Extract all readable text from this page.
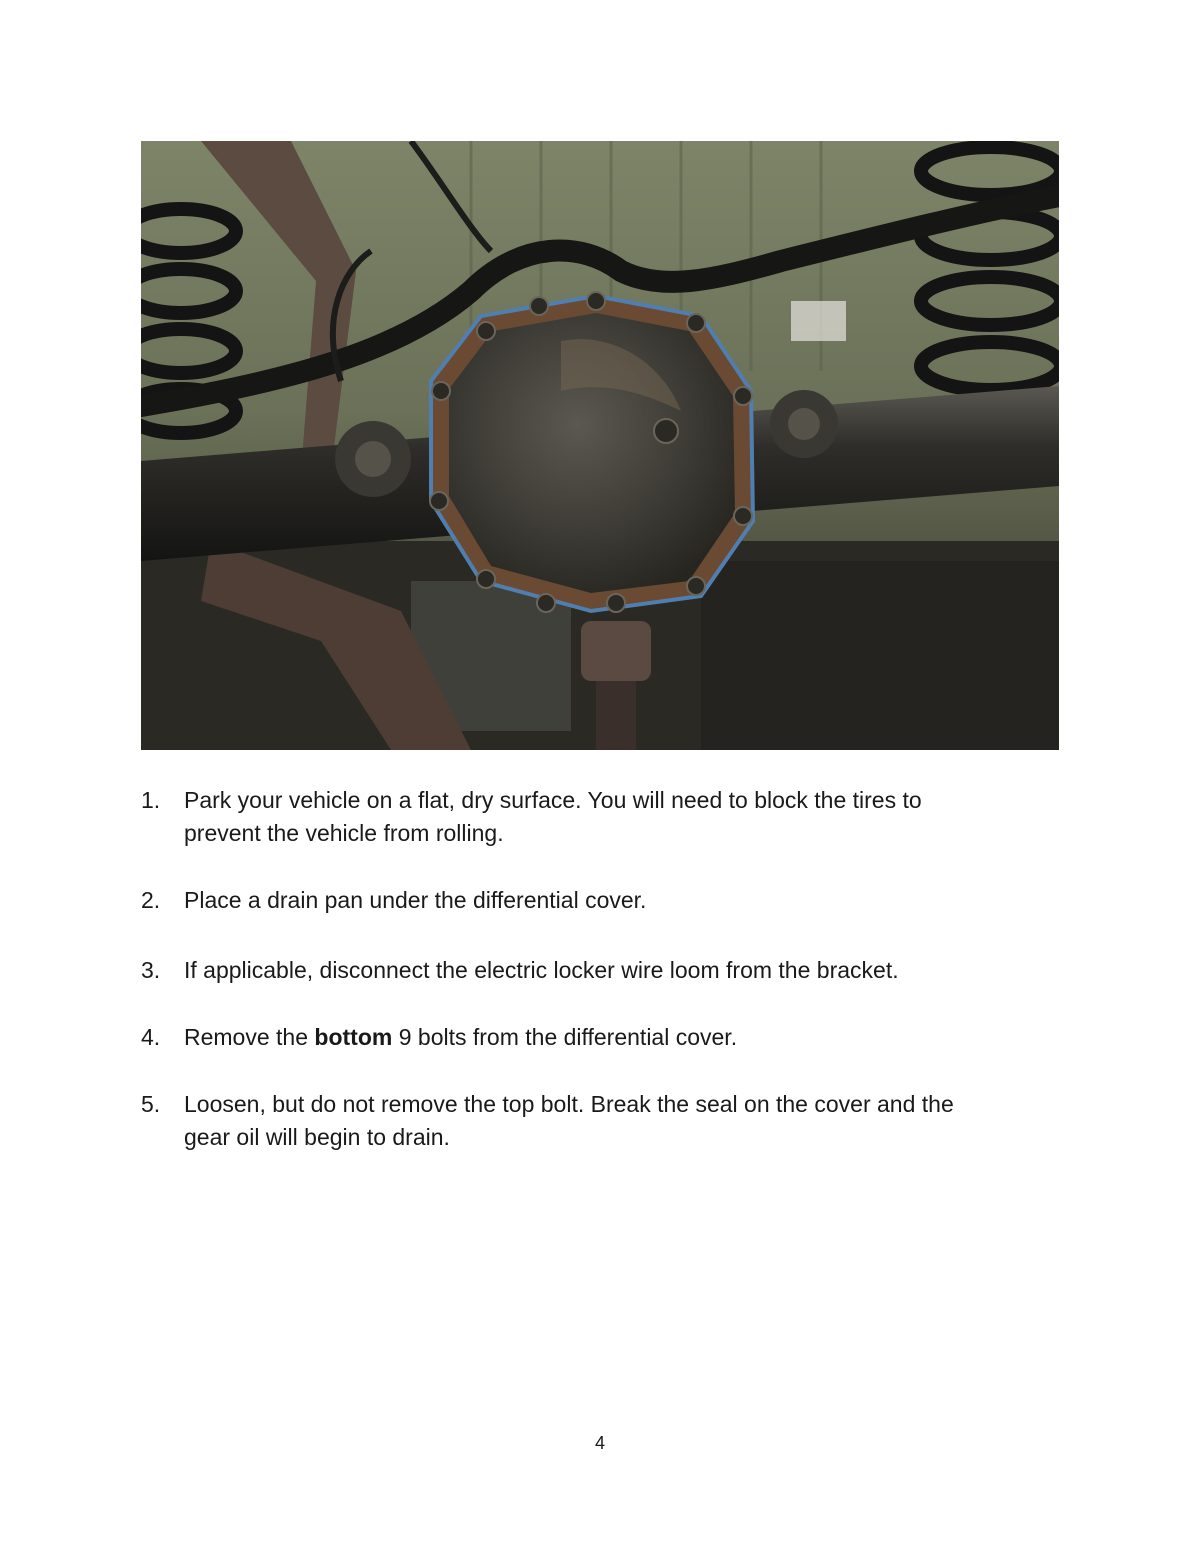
1. Park your vehicle on a flat, dry surface. You will need to block the tires to
prevent the vehicle from rolling.
2. Place a drain pan under the differential cover.
3. If applicable, disconnect the electric locker wire loom from the bracket.
4. Remove the bottom 9 bolts from the differential cover.
5. Loosen, but do not remove the top bolt. Break the seal on the cover and the
gear oil will begin to drain.
4
